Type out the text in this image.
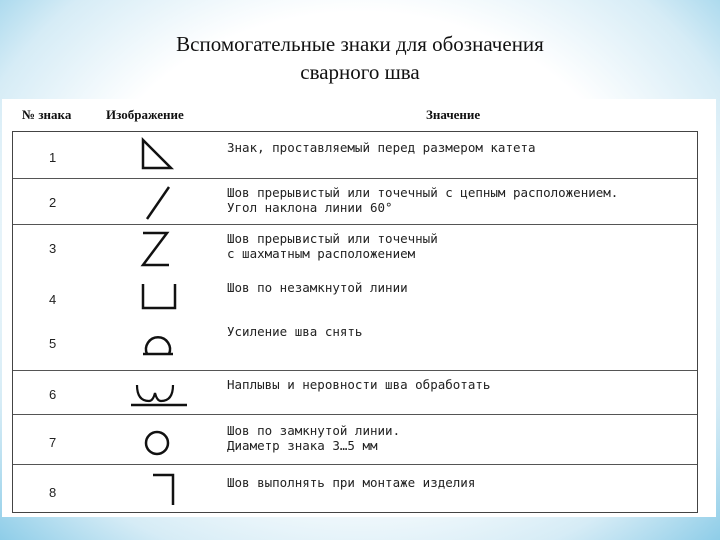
Вспомогательные знаки для обозначения
сварного шва
№ знака	Изображение	Значение
1
Знак, проставляемый перед размером катета
2
Шов прерывистый или точечный с цепным расположением.
Угол наклона линии 60°
3
Шов прерывистый или точечный
с шахматным расположением
4
Шов по незамкнутой линии
5
Усиление шва снять
6
Наплывы и неровности шва обработать
7
Шов по замкнутой линии.
Диаметр знака 3…5 мм
8
Шов выполнять при монтаже изделия
